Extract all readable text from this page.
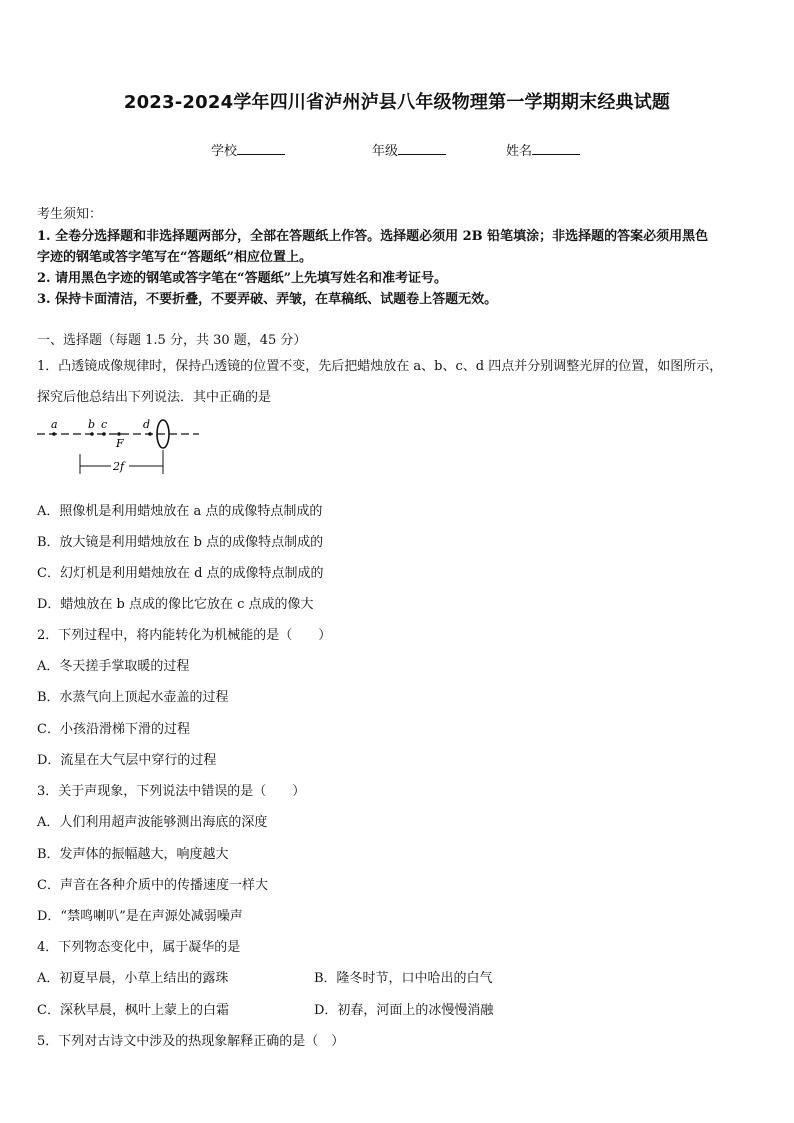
2023-2024学年四川省泸州泸县八年级物理第一学期期末经典试题
学校	年级	姓名
考生须知：
1. 全卷分选择题和非选择题两部分，全部在答题纸上作答。选择题必须用 2B 铅笔填涂；非选择题的答案必须用黑色
字迹的钢笔或答字笔写在“答题纸”相应位置上。
2. 请用黑色字迹的钢笔或答字笔在“答题纸”上先填写姓名和准考证号。
3. 保持卡面清洁，不要折叠，不要弄破、弄皱，在草稿纸、试题卷上答题无效。
一、选择题（每题 1.5 分，共 30 题，45 分）
1．凸透镜成像规律时，保持凸透镜的位置不变，先后把蜡烛放在 a、b、c、d 四点并分别调整光屏的位置，如图所示，
探究后他总结出下列说法．其中正确的是
a	b c
F
d
2f
A．照像机是利用蜡烛放在 a 点的成像特点制成的
B．放大镜是利用蜡烛放在 b 点的成像特点制成的
C．幻灯机是利用蜡烛放在 d 点的成像特点制成的
D．蜡烛放在 b 点成的像比它放在 c 点成的像大
2．下列过程中，将内能转化为机械能的是（　　）
A．冬天搓手掌取暖的过程
B．水蒸气向上顶起水壶盖的过程
C．小孩沿滑梯下滑的过程
D．流星在大气层中穿行的过程
3．关于声现象，下列说法中错误的是（　　）
A．人们利用超声波能够测出海底的深度
B．发声体的振幅越大，响度越大
C．声音在各种介质中的传播速度一样大
D．“禁鸣喇叭”是在声源处减弱噪声
4．下列物态变化中，属于凝华的是
A．初夏早晨，小草上结出的露珠	B．隆冬时节，口中哈出的白气
C．深秋早晨，枫叶上蒙上的白霜	D．初春，河面上的冰慢慢消融
5．下列对古诗文中涉及的热现象解释正确的是（　）
